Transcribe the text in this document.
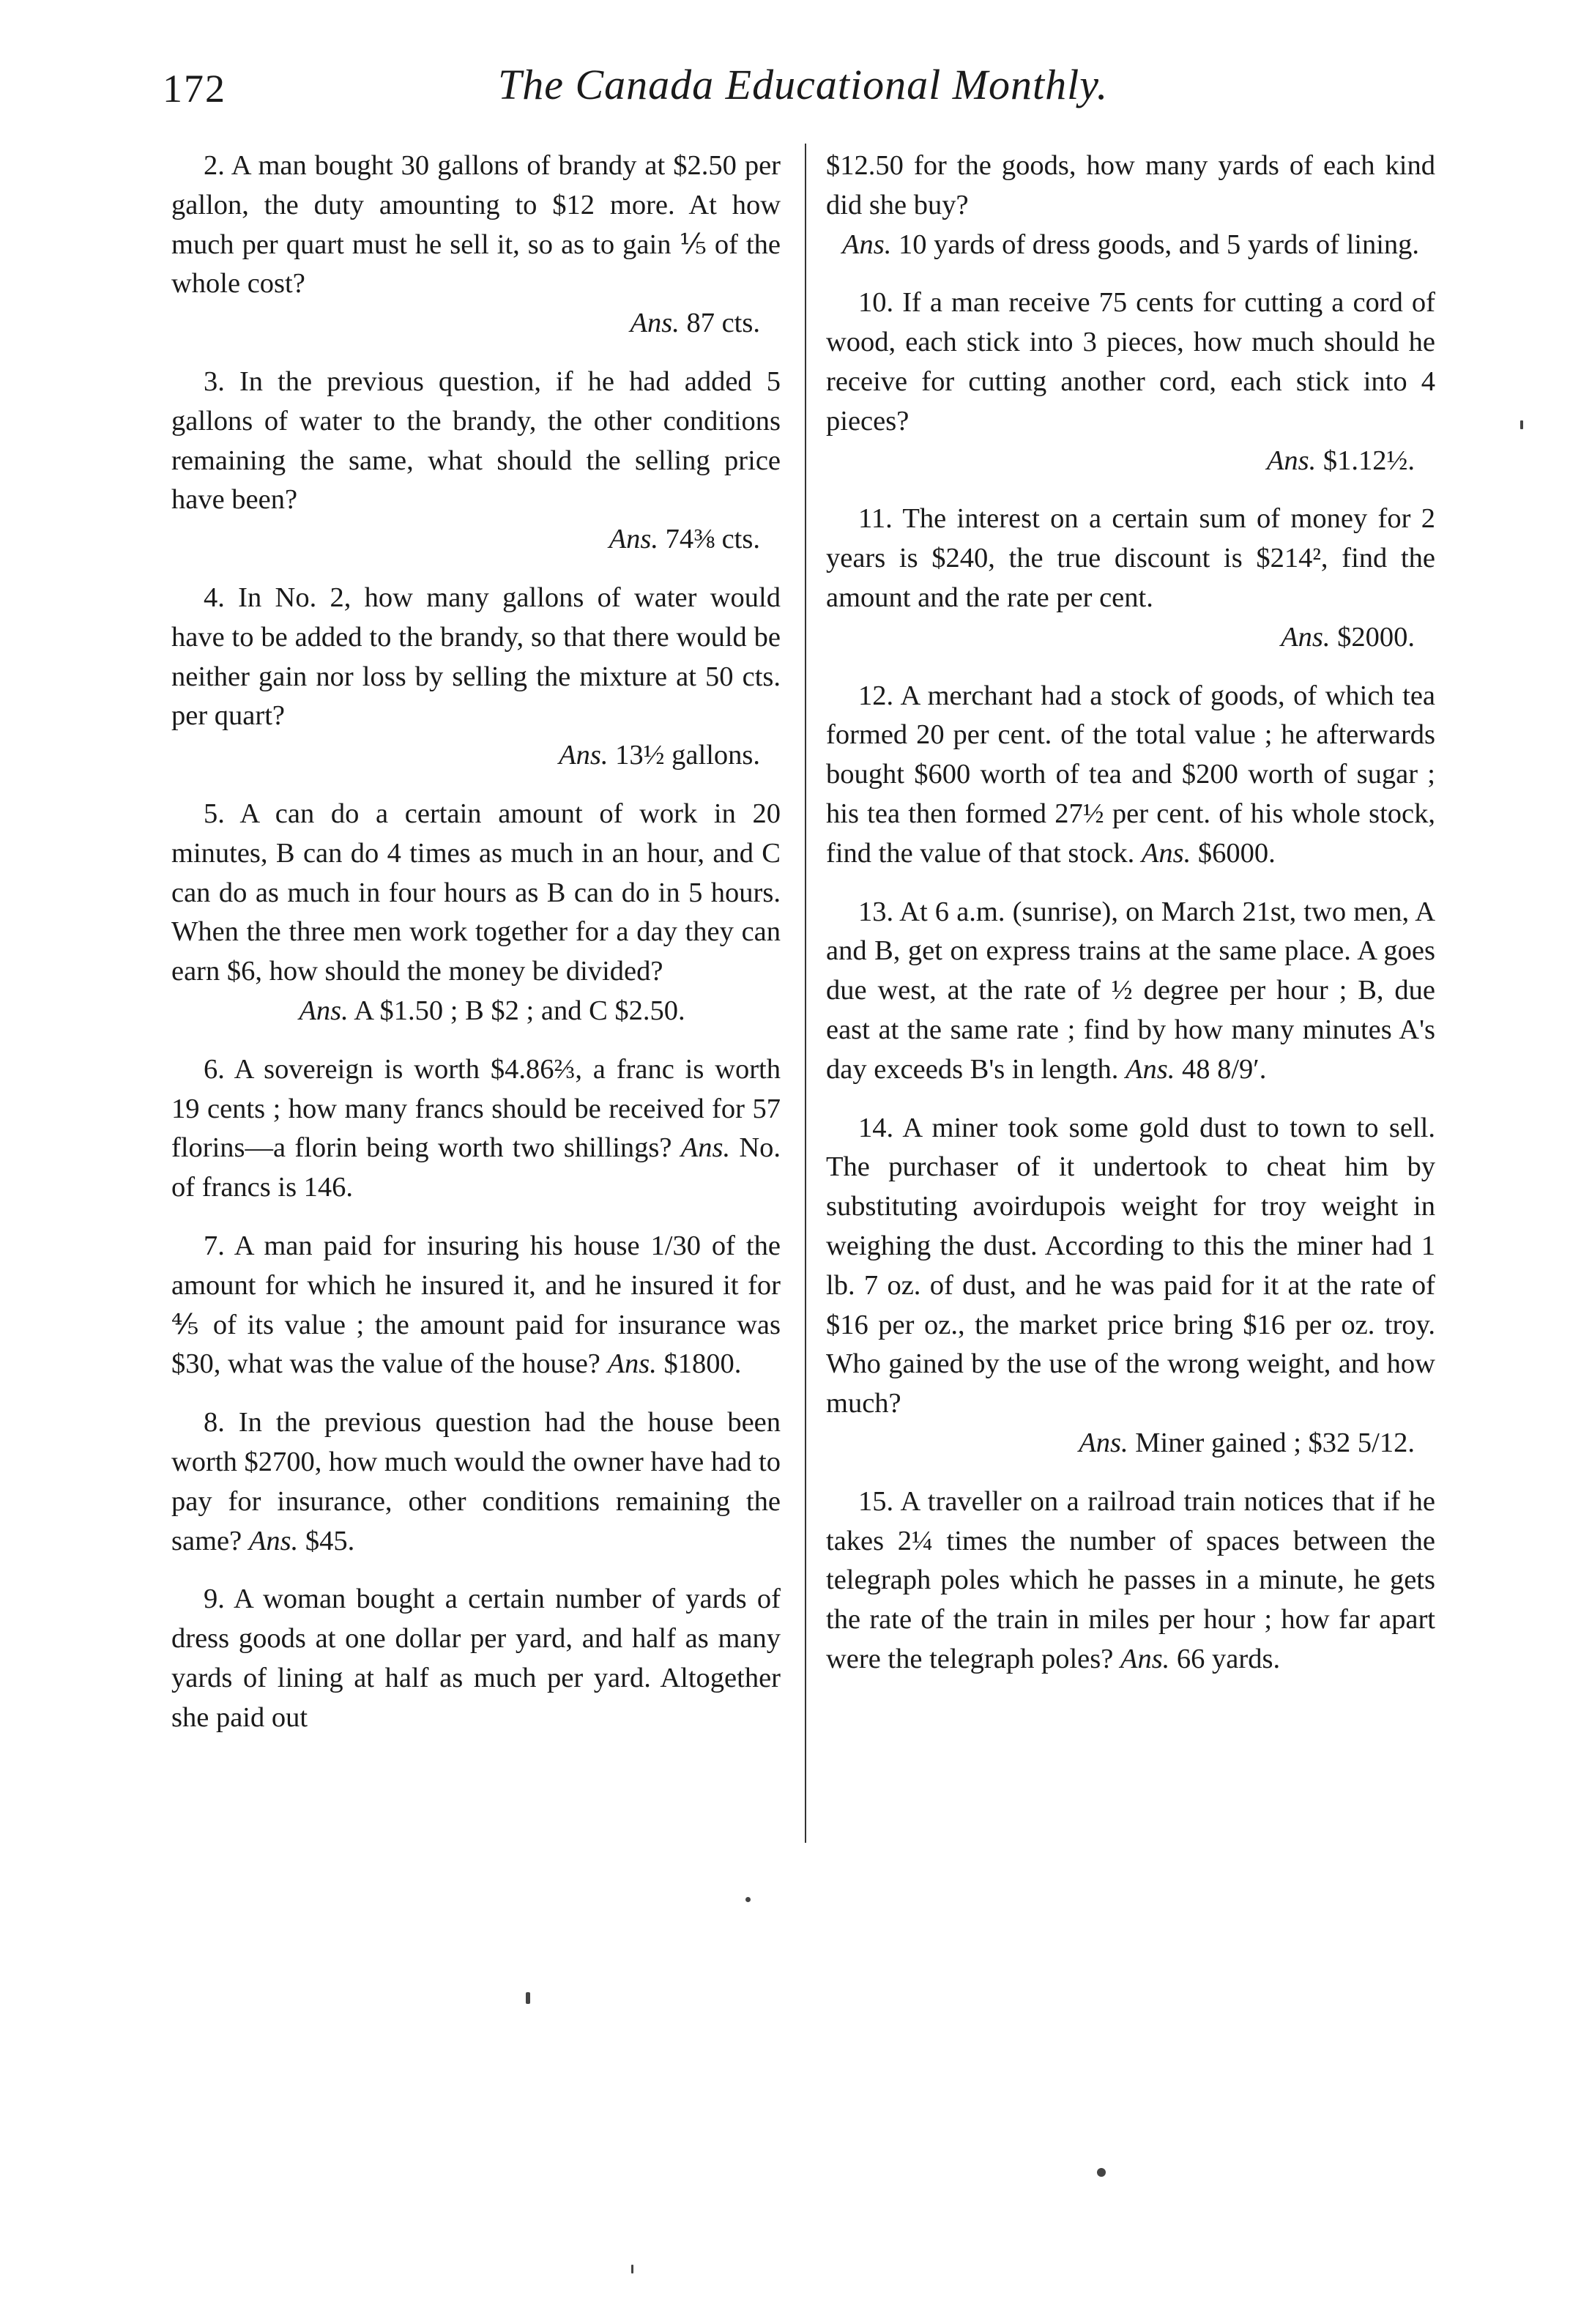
172	The Canada Educational Monthly.
2. A man bought 30 gallons of brandy at $2.50 per gallon, the duty amounting to $12 more. At how much per quart must he sell it, so as to gain ⅕ of the whole cost?
Ans. 87 cts.
3. In the previous question, if he had added 5 gallons of water to the brandy, the other conditions remaining the same, what should the selling price have been?
Ans. 74⅜ cts.
4. In No. 2, how many gallons of water would have to be added to the brandy, so that there would be neither gain nor loss by selling the mixture at 50 cts. per quart?
Ans. 13½ gallons.
5. A can do a certain amount of work in 20 minutes, B can do 4 times as much in an hour, and C can do as much in four hours as B can do in 5 hours. When the three men work together for a day they can earn $6, how should the money be divided?
Ans. A $1.50 ; B $2 ; and C $2.50.
6. A sovereign is worth $4.86⅔, a franc is worth 19 cents ; how many francs should be received for 57 florins—a florin being worth two shillings? Ans. No. of francs is 146.
7. A man paid for insuring his house 1/30 of the amount for which he insured it, and he insured it for ⅘ of its value ; the amount paid for insurance was $30, what was the value of the house? Ans. $1800.
8. In the previous question had the house been worth $2700, how much would the owner have had to pay for insurance, other conditions remaining the same? Ans. $45.
9. A woman bought a certain number of yards of dress goods at one dollar per yard, and half as many yards of lining at half as much per yard. Altogether she paid out
$12.50 for the goods, how many yards of each kind did she buy?
Ans. 10 yards of dress goods, and 5 yards of lining.
10. If a man receive 75 cents for cutting a cord of wood, each stick into 3 pieces, how much should he receive for cutting another cord, each stick into 4 pieces?
Ans. $1.12½.
11. The interest on a certain sum of money for 2 years is $240, the true discount is $214², find the amount and the rate per cent.
Ans. $2000.
12. A merchant had a stock of goods, of which tea formed 20 per cent. of the total value ; he afterwards bought $600 worth of tea and $200 worth of sugar ; his tea then formed 27½ per cent. of his whole stock, find the value of that stock. Ans. $6000.
13. At 6 a.m. (sunrise), on March 21st, two men, A and B, get on express trains at the same place. A goes due west, at the rate of ½ degree per hour ; B, due east at the same rate ; find by how many minutes A's day exceeds B's in length. Ans. 48 8/9′.
14. A miner took some gold dust to town to sell. The purchaser of it undertook to cheat him by substituting avoirdupois weight for troy weight in weighing the dust. According to this the miner had 1 lb. 7 oz. of dust, and he was paid for it at the rate of $16 per oz., the market price bring $16 per oz. troy. Who gained by the use of the wrong weight, and how much?
Ans. Miner gained ; $32 5/12.
15. A traveller on a railroad train notices that if he takes 2¼ times the number of spaces between the telegraph poles which he passes in a minute, he gets the rate of the train in miles per hour ; how far apart were the telegraph poles? Ans. 66 yards.
